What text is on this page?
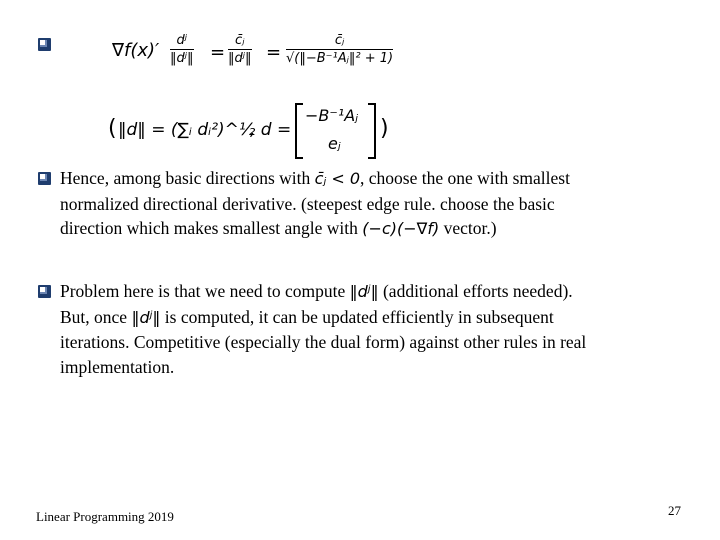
$\nabla f(x)' \frac{\text{dʲ}}{\text{‖dʲ‖}} = \frac{\text{c̄ⱼ}}{\text{‖dʲ‖}} = \frac{\text{c̄ⱼ}}{\text{√(‖−B⁻¹Aⱼ‖² + 1)}}$
( ‖d‖ = (∑ᵢ dᵢ²)^½
, d =
−B⁻¹Aⱼ
eⱼ
)
Hence, among basic directions with c̄ⱼ < 0, choose the one with smallest
normalized directional derivative. (steepest edge rule. choose the basic
direction which makes smallest angle with (−c)(−∇f) vector.)
Problem here is that we need to compute ‖dʲ‖ (additional efforts needed).
But, once ‖dʲ‖ is computed, it can be updated efficiently in subsequent
iterations. Competitive (especially the dual form) against other rules in real
implementation.
Linear Programming 2019	27
